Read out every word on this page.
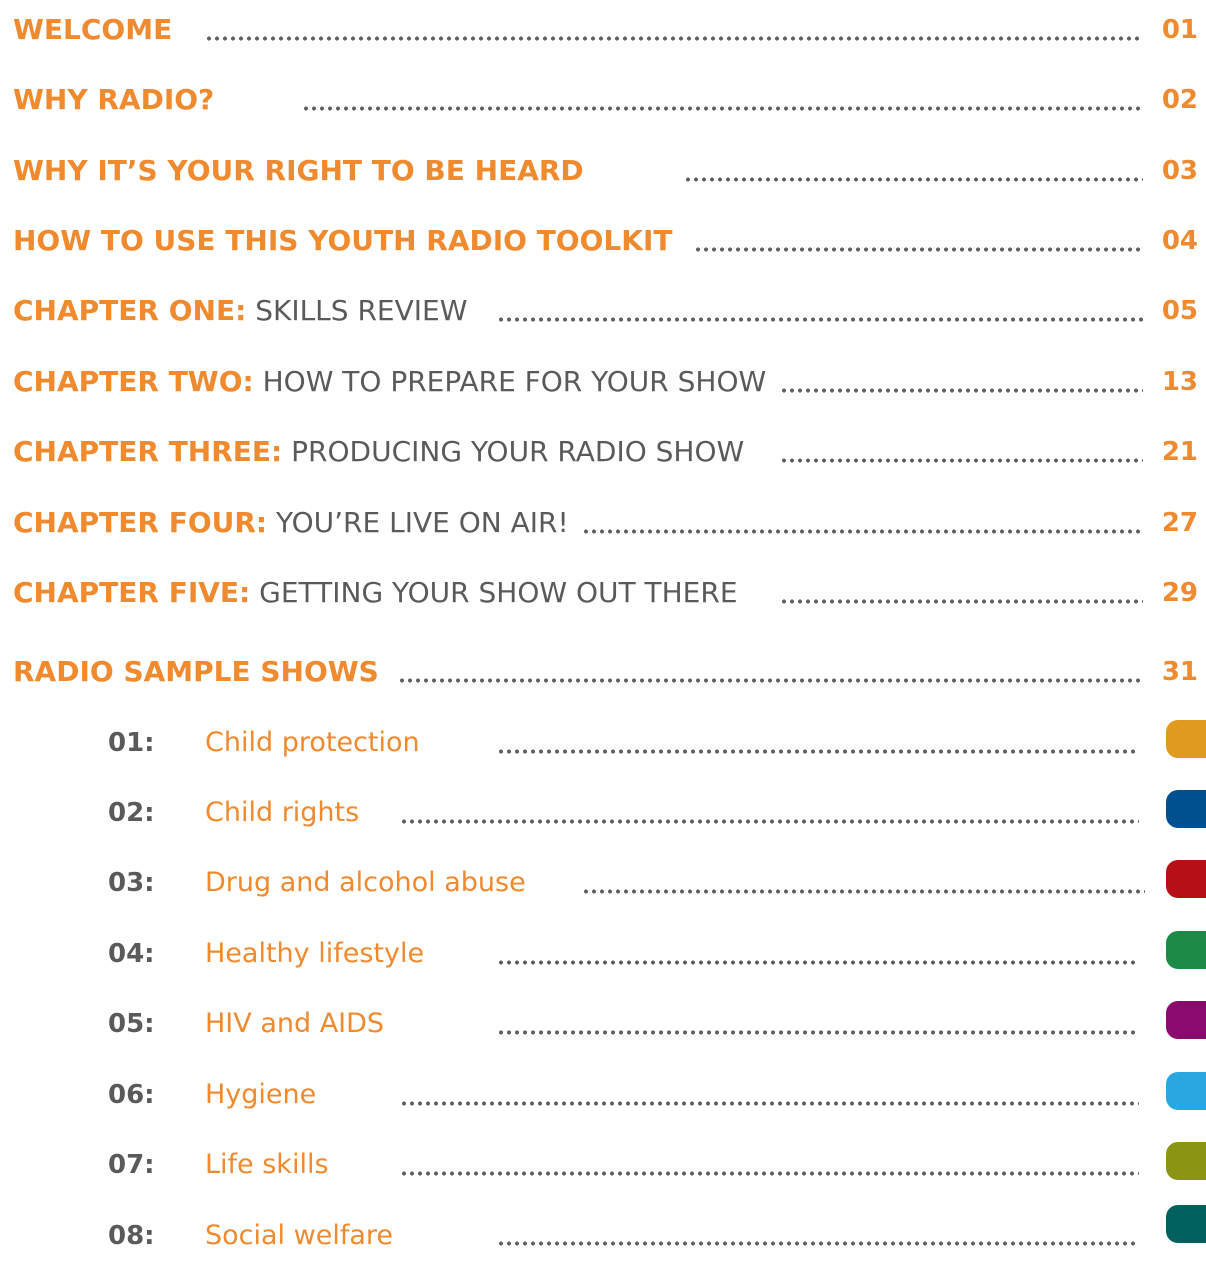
WELCOME	01
WHY RADIO?	02
WHY IT’S YOUR RIGHT TO BE HEARD	03
HOW TO USE THIS YOUTH RADIO TOOLKIT	04
CHAPTER ONE: SKILLS REVIEW	05
CHAPTER TWO: HOW TO PREPARE FOR YOUR SHOW	13
CHAPTER THREE: PRODUCING YOUR RADIO SHOW	21
CHAPTER FOUR: YOU’RE LIVE ON AIR!	27
CHAPTER FIVE: GETTING YOUR SHOW OUT THERE	29
RADIO SAMPLE SHOWS	31
01: Child protection
02: Child rights
03: Drug and alcohol abuse
04: Healthy lifestyle
05: HIV and AIDS
06: Hygiene
07: Life skills
08: Social welfare
